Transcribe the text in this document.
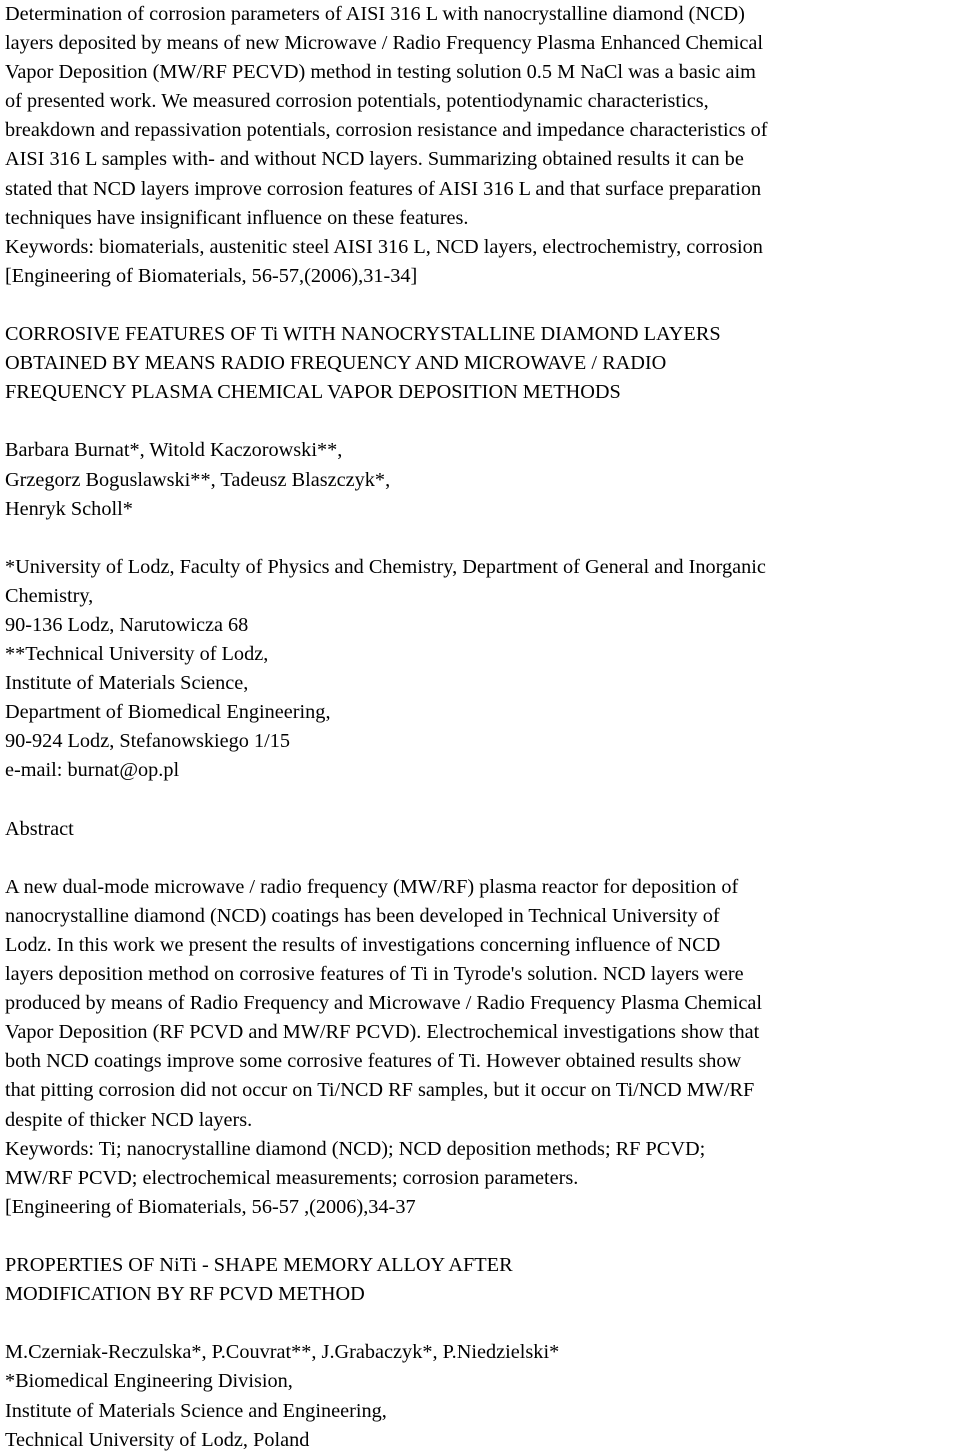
Determination of corrosion parameters of AISI 316 L with nanocrystalline diamond (NCD)
layers deposited by means of new Microwave / Radio Frequency Plasma Enhanced Chemical
Vapor Deposition (MW/RF PECVD) method in testing solution 0.5 M NaCl was a basic aim
of presented work. We measured corrosion potentials, potentiodynamic characteristics,
breakdown and repassivation potentials, corrosion resistance and impedance characteristics of
AISI 316 L samples with- and without NCD layers. Summarizing obtained results it can be
stated that NCD layers improve corrosion features of AISI 316 L and that surface preparation
techniques have insignificant influence on these features.
Keywords: biomaterials, austenitic steel AISI 316 L, NCD layers, electrochemistry, corrosion
[Engineering of Biomaterials, 56-57,(2006),31-34]
CORROSIVE FEATURES OF Ti WITH NANOCRYSTALLINE DIAMOND LAYERS
OBTAINED BY MEANS RADIO FREQUENCY AND MICROWAVE / RADIO
FREQUENCY PLASMA CHEMICAL VAPOR DEPOSITION METHODS
Barbara Burnat*, Witold Kaczorowski**,
Grzegorz Boguslawski**, Tadeusz Blaszczyk*,
Henryk Scholl*
*University of Lodz, Faculty of Physics and Chemistry, Department of General and Inorganic
Chemistry,
90-136 Lodz, Narutowicza 68
**Technical University of Lodz,
Institute of Materials Science,
Department of Biomedical Engineering,
90-924 Lodz, Stefanowskiego 1/15
e-mail: burnat@op.pl
Abstract
A new dual-mode microwave / radio frequency (MW/RF) plasma reactor for deposition of
nanocrystalline diamond (NCD) coatings has been developed in Technical University of
Lodz. In this work we present the results of investigations concerning influence of NCD
layers deposition method on corrosive features of Ti in Tyrode's solution. NCD layers were
produced by means of Radio Frequency and Microwave / Radio Frequency Plasma Chemical
Vapor Deposition (RF PCVD and MW/RF PCVD). Electrochemical investigations show that
both NCD coatings improve some corrosive features of Ti. However obtained results show
that pitting corrosion did not occur on Ti/NCD RF samples, but it occur on Ti/NCD MW/RF
despite of thicker NCD layers.
Keywords: Ti; nanocrystalline diamond (NCD); NCD deposition methods; RF PCVD;
MW/RF PCVD; electrochemical measurements; corrosion parameters.
[Engineering of Biomaterials, 56-57 ,(2006),34-37
PROPERTIES OF NiTi - SHAPE MEMORY ALLOY AFTER
MODIFICATION BY RF PCVD METHOD
M.Czerniak-Reczulska*, P.Couvrat**, J.Grabaczyk*, P.Niedzielski*
*Biomedical Engineering Division,
Institute of Materials Science and Engineering,
Technical University of Lodz, Poland
